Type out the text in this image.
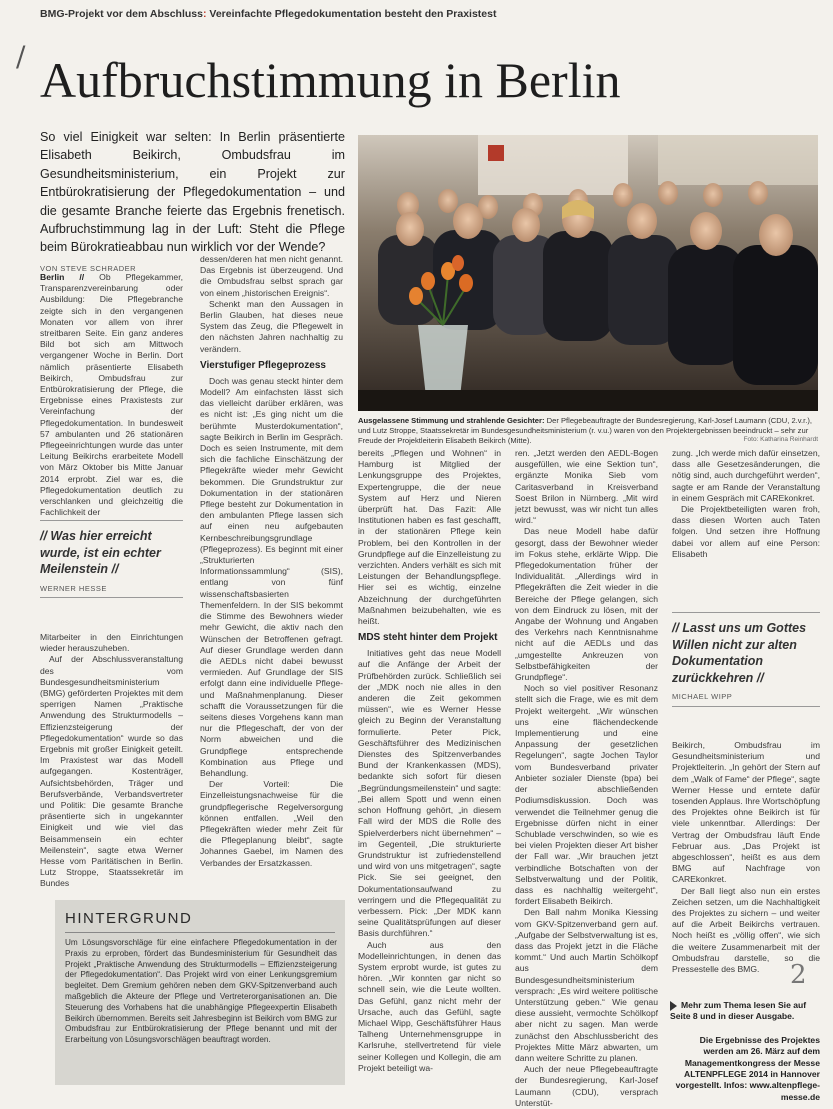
BMG-Projekt vor dem Abschluss: Vereinfachte Pflegedokumentation besteht den Praxistest
/ Aufbruchstimmung in Berlin
So viel Einigkeit war selten: In Berlin präsentierte Elisabeth Beikirch, Ombudsfrau im Gesundheitsministerium, ein Projekt zur Entbürokratisierung der Pflegedokumentation – und die gesamte Branche feierte das Ergebnis frenetisch. Aufbruchstimmung lag in der Luft: Steht die Pflege beim Bürokratieabbau nun wirklich vor der Wende?
VON STEVE SCHRADER

Berlin // Ob Pflegekammer, Transparenzvereinbarung oder Ausbildung: Die Pflegebranche zeigte sich in den vergangenen Monaten vor allem von ihrer streitbaren Seite. Ein ganz anderes Bild bot sich am Mittwoch vergangener Woche in Berlin. Dort nämlich präsentierte Elisabeth Beikirch, Ombudsfrau zur Entbürokratisierung der Pflege, die Ergebnisse eines Praxistests zur Vereinfachung der Pflegedokumentation. In bundesweit 57 ambulanten und 26 stationären Pflegeeinrichtungen wurde das unter Leitung Beikirchs erarbeitete Modell von März Oktober bis Mitte Januar 2014 erprobt. Ziel war es, die Pflegedokumentation deutlich zu verschlanken und gleichzeitig die Fachlichkeit der

// Was hier erreicht wurde, ist ein echter Meilenstein //
WERNER HESSE

Mitarbeiter in den Einrichtungen wieder herauszuheben.

Auf der Abschlussveranstaltung des vom Bundesgesundheitsministerium (BMG) geförderten Projektes mit dem sperrigen Namen „Praktische Anwendung des Strukturmodells – Effizienzsteigerung der Pflegedokumentation“ wurde so das Ergebnis mit großer Einigkeit geteilt. Im Praxistest war das Modell aufgegangen. Kostenträger, Aufsichtsbehörden, Träger und Berufsverbände, Verbandsvertreter und Politik: Die gesamte Branche präsentierte sich in ungekannter Einigkeit und wie viel das Beisammensein ein echter Meilenstein“, sagte etwa Werner Hesse vom Paritätischen in Berlin. Lutz Stroppe, Staatssekretär im Bundes

dessen/deren hat men nicht genannt. Das Ergebnis ist überzeugend. Und die Ombudsfrau selbst sprach gar von einem „historischen Ereignis“.

Schenkt man den Aussagen in Berlin Glauben, hat dieses neue System das Zeug, die Pflegewelt in den nächsten Jahren nachhaltig zu verändern.

Vierstufiger Pflegeprozess

Doch was genau steckt hinter dem Modell? Am einfachsten lässt sich das vielleicht darüber erklären, was es nicht ist: „Es ging nicht um die berühmte Musterdokumentation“, sagte Beikirch in Berlin im Gespräch. Doch es seien Instrumente, mit dem sich die fachliche Einschätzung der Pflegekräfte wieder mehr Gewicht bekommen. Die Grundstruktur zur Dokumentation in der stationären Pflege besteht zur Dokumentation in den ambulanten Pflege lassen sich auf einen neu aufgebauten Kernbeschreibungsgrundlage (Pflegeprozess). Es beginnt mit einer „Strukturierten Informationssammlung“ (SIS), entlang von fünf wissenschaftsbasierten Themenfeldern. In der SIS bekommt die Stimme des Bewohners wieder mehr Gewicht, die aktiv nach den Wünschen der Betroffenen gefragt. Auf dieser Grundlage werden dann die AEDLs nicht dabei bewusst vermieden. Auf Grundlage der SIS erfolgt dann eine individuelle Pflege- und Maßnahmenplanung. Dieser schafft die Voraussetzungen für die seitens dieses Vorgehens kann man nur die Pflegeschaft, der von der Norm abweichen und die Grundpflege entsprechende Kombination aus Pflege und Behandlung.

Der Vorteil: Die Einzelleistungsnachweise für die grundpflegerische Regelversorgung können entfallen. „Weil den Pflegekräften wieder mehr Zeit für die Pflegeplanung bleibt“, sagte Johannes Gaebel, im Namen des Verbandes der Ersatzkassen.

Ausgelassene Stimmung und strahlende Gesichter: Der Pflegebeauftragte der Bundesregierung, Karl-Josef Laumann (CDU, 2.v.r.), und Lutz Stroppe, Staatssekretär im Bundesgesundheitsministerium (r. v.u.) waren von den Projektergebnissen beeindruckt – sehr zur Freude der Projektleiterin Elisabeth Beikirch (Mitte).	Foto: Katharina Reinhardt

bereits „Pflegen und Wohnen“ in Hamburg ist Mitglied der Lenkungsgruppe des Projektes, Expertengruppe, die der neue System auf Herz und Nieren überprüft hat. Das Fazit: Alle Institutionen haben es fast geschafft, in der stationären Pflege kein Problem, bei den Kontrollen in der Grundpflege auf die Einzelleistung zu verzichten. Anders verhält es sich mit Leistungen der Behandlungspflege. Hier sei es wichtig, einzelne Abzeichnung der durchgeführten Maßnahmen beizubehalten, wie es heißt.

MDS steht hinter dem Projekt

Initiatives geht das neue Modell auf die Anfänge der Arbeit der Prüfbehörden zurück. Schließlich sei der „MDK noch nie alles in den anderen die Zeit gekommen müssen“, wie es Werner Hesse gleich zu Beginn der Veranstaltung formulierte. Peter Pick, Geschäftsführer des Medizinischen Dienstes des Spitzenverbandes Bund der Krankenkassen (MDS), bedankte sich sofort für diesen „Begründungsmeilenstein“ und sagte: „Bei allem Spott und wenn einen schon Hoffnung gehört, „in diesem Fall wird der MDS die Rolle des Spielverderbers nicht übernehmen“ – im Gegenteil, „Die strukturierte Grundstruktur ist zufriedenstellend und wird von uns mitgetragen“, sagte Pick. Sie sei geeignet, den Dokumentationsaufwand zu verringern und die Pflegequalität zu verbessern. Pick: „Der MDK kann seine Qualitätsprüfungen auf dieser Basis durchführen.“

Auch aus den Modelleinrichtungen, in denen das System erprobt wurde, ist gutes zu hören. „Wir konnten gar nicht so schnell sein, wie die Leute wollten. Das Gefühl, ganz nicht mehr der Ursache, auch das Gefühl, sagte Michael Wipp, Geschäftsführer Haus Talheng Unternehmensgruppe in Karlsruhe, stellvertretend für viele seiner Kollegen und Kollegin, die am Projekt beteiligt wa-

ren. „Jetzt werden den AEDL-Bogen ausgefüllen, wie eine Sektion tun“, ergänzte Monika Sieb vom Caritasverband in Kreisverband Soest Brilon in Nürnberg. „Mit wird jetzt bewusst, was wir nicht tun alles wird.“

Das neue Modell habe dafür gesorgt, dass der Bewohner wieder im Fokus stehe, erklärte Wipp. Die Pflegedokumentation früher der Individualität. „Allerdings wird in Pflegekräften die Zeit wieder in die Bereiche der Pflege gelangen, sich von dem Eindruck zu lösen, mit der Angabe der Wohnung und Angaben des Verkehrs nach Kenntnisnahme nicht auf die AEDLs und das „umgestellte Ankreuzen von Selbstbefähigkeiten der Grundpflege“.

Noch so viel positiver Resonanz stellt sich die Frage, wie es mit dem Projekt weitergeht. „Wir wünschen uns eine flächendeckende Implementierung und eine Anpassung der gesetzlichen Regelungen“, sagte Jochen Taylor vom Bundesverband privater Anbieter sozialer Dienste (bpa) bei der abschließenden Podiumsdiskussion. Doch was verwendet die Teilnehmer genug die Ergebnisse dürfen nicht in einer Schublade verschwinden, so wie es bei vielen Projekten dieser Art bisher der Fall war. „Wir brauchen jetzt verbindliche Botschaften von der Selbstverwaltung und der Politik, dass es nachhaltig weitergeht“, fordert Elisabeth Beikirch.

Den Ball nahm Monika Kiessing vom GKV-Spitzenverband gern auf. „Aufgabe der Selbstverwaltung ist es, dass das Projekt jetzt in die Fläche kommt.“ Und auch Martin Schölkopf aus dem Bundesgesundheitsministerium versprach: „Es wird weitere politische Unterstützung geben.“ Wie genau diese aussieht, vermochte Schölkopf aber nicht zu sagen. Man werde zunächst den Abschlussbericht des Projektes Mitte März abwarten, um dann weitere Schritte zu planen.

Auch der neue Pflegebeauftragte der Bundesregierung, Karl-Josef Laumann (CDU), versprach Unterstüt-

zung. „Ich werde mich dafür einsetzen, dass alle Gesetzesänderungen, die nötig sind, auch durchgeführt werden“, sagte er am Rande der Veranstaltung in einem Gespräch mit CAREkonkret.

Die Projektbeteiligten waren froh, dass diesen Worten auch Taten folgen. Und setzen ihre Hoffnung dabei vor allem auf eine Person: Elisabeth

// Lasst uns um Gottes Willen nicht zur alten Dokumentation zurückkehren //
MICHAEL WIPP

Beikirch, Ombudsfrau im Gesundheitsministerium und Projektleiterin. „In gehört der Stern auf dem „Walk of Fame“ der Pflege“, sagte Werner Hesse und erntete dafür tosenden Applaus. Ihre Wortschöpfung des Projektes ohne Beikirch ist für viele unkenntbar. Allerdings: Der Vertrag der Ombudsfrau läuft Ende Februar aus. „Das Projekt ist abgeschlossen“, heißt es aus dem BMG auf Nachfrage von CAREkonkret.

Der Ball Iiegt also nun ein erstes Zeichen setzen, um die Nachhaltigkeit des Projektes zu sichern – und weiter auf die Arbeit Beikirchs vertrauen. Noch heißt es „völlig offen“, wie sich die weitere Zusammenarbeit mit der Ombudsfrau darstelle, so die Pressestelle des BMG.	2
HINTERGRUND
Um Lösungsvorschläge für eine einfachere Pflegedokumentation in der Praxis zu erproben, fördert das Bundesministerium für Gesundheit das Projekt „Praktische Anwendung des Strukturmodells – Effizienzsteigerung der Pflegedokumentation“. Das Projekt wird von einer Lenkungsgremium begleitet. Dem Gremium gehören neben dem GKV-Spitzenverband auch maßgeblich die Akteure der Pflege und Vertreterorganisationen an. Die Steuerung des Vorhabens hat die unabhängige Pflegeexpertin Elisabeth Beikirch übernommen. Bereits seit Jahresbeginn ist Beikirch vom BMG zur Ombudsfrau zur Entbürokratisierung der Pflege benannt und mit der Erarbeitung von Lösungsvorschlägen beauftragt worden.
Mehr zum Thema lesen Sie auf Seite 8 und in dieser Ausgabe.
Die Ergebnisse des Projektes werden am 26. März auf dem Managementkongress der Messe ALTENPFLEGE 2014 in Hannover vorgestellt. Infos: www.altenpflege-messe.de
